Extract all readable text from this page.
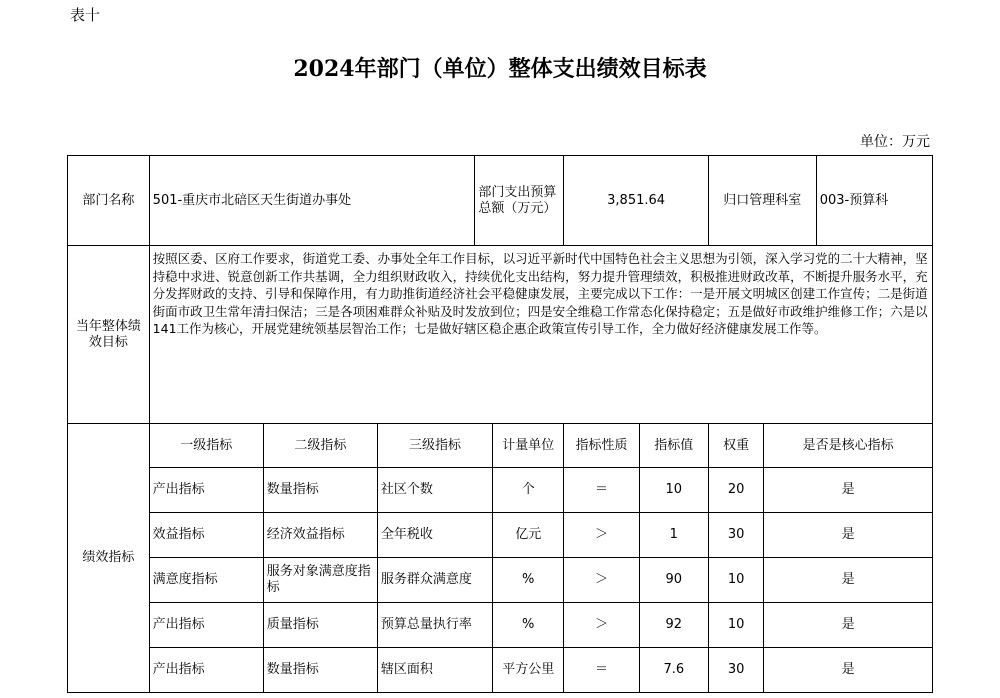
表十
2024年部门（单位）整体支出绩效目标表
单位：万元
部门名称	501-重庆市北碚区天生街道办事处			部门支出预算总额（万元）		3,851.64		归口管理科室		003-预算科
当年整体绩效目标	按照区委、区府工作要求，街道党工委、办事处全年工作目标，以习近平新时代中国特色社会主义思想为引领，深入学习党的二十大精神，坚持稳中求进、锐意创新工作共基调，全力组织财政收入，持续优化支出结构，努力提升管理绩效，积极推进财政改革，不断提升服务水平，充分发挥财政的支持、引导和保障作用，有力助推街道经济社会平稳健康发展，主要完成以下工作：一是开展文明城区创建工作宣传；二是街道街面市政卫生常年清扫保洁；三是各项困难群众补贴及时发放到位；四是安全维稳工作常态化保持稳定；五是做好市政维护维修工作；六是以141工作为核心，开展党建统领基层智治工作；七是做好辖区稳企惠企政策宣传引导工作，全力做好经济健康发展工作等。									
绩效指标	一级指标	二级指标	三级指标		计量单位	指标性质	指标值	权重	是否是核心指标	
	产出指标	数量指标	社区个数		个	＝	10	20	是	
	效益指标	经济效益指标	全年税收		亿元	＞	1	30	是	
	满意度指标	服务对象满意度指标	服务群众满意度		%	＞	90	10	是	
	产出指标	质量指标	预算总量执行率		%	＞	92	10	是	
	产出指标	数量指标	辖区面积		平方公里	＝	7.6	30	是	
